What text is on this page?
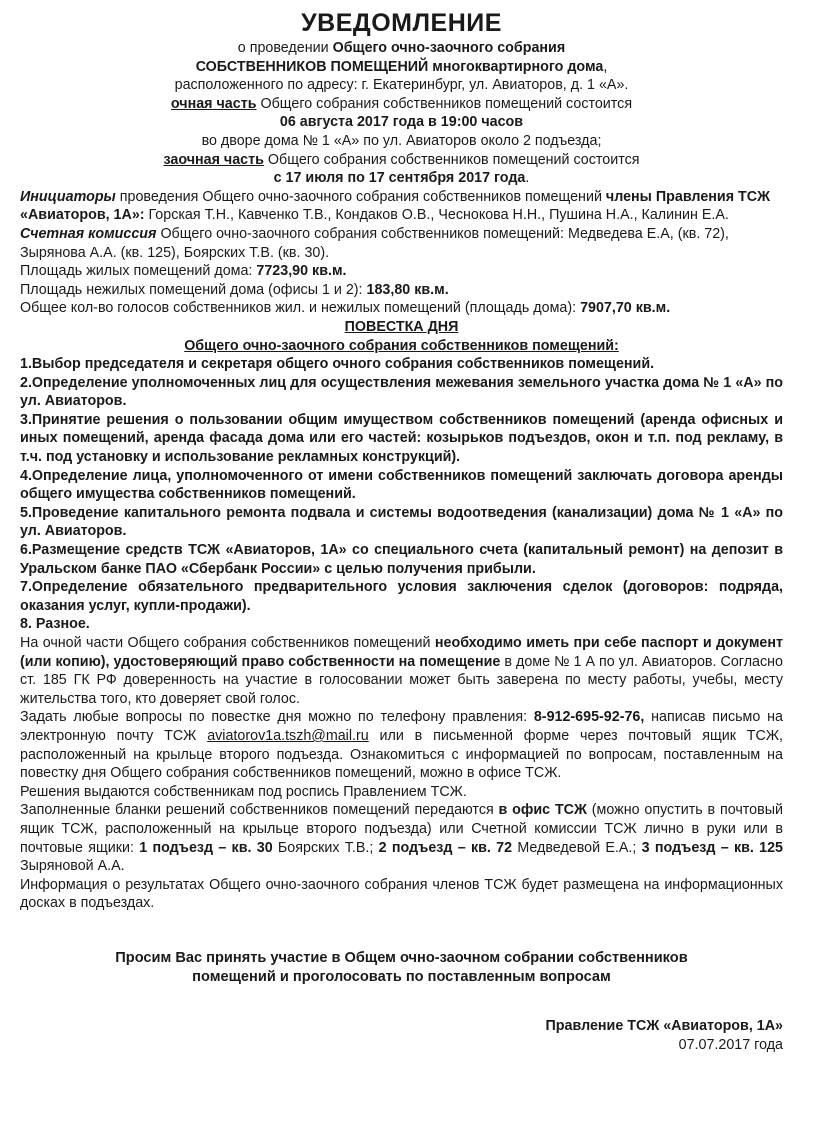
УВЕДОМЛЕНИЕ

о проведении Общего очно-заочного собрания

СОБСТВЕННИКОВ ПОМЕЩЕНИЙ многоквартирного дома,

расположенного по адресу: г. Екатеринбург, ул. Авиаторов, д. 1 «А».

очная часть Общего собрания собственников помещений состоится

06 августа 2017 года в 19:00 часов

во дворе дома № 1 «А» по ул. Авиаторов около 2 подъезда;

заочная часть Общего собрания собственников помещений состоится

с 17 июля по 17 сентября 2017 года.

Инициаторы проведения Общего очно-заочного собрания собственников помещений члены Правления ТСЖ «Авиаторов, 1А»: Горская Т.Н., Кавченко Т.В., Кондаков О.В., Чеснокова Н.Н., Пушина Н.А., Калинин Е.А.

Счетная комиссия Общего очно-заочного собрания собственников помещений: Медведева Е.А, (кв. 72), Зырянова А.А. (кв. 125), Боярских Т.В. (кв. 30).

Площадь жилых помещений дома: 7723,90 кв.м.

Площадь нежилых помещений дома (офисы 1 и 2): 183,80 кв.м.

Общее кол-во голосов собственников жил. и нежилых помещений (площадь дома): 7907,70 кв.м.

ПОВЕСТКА ДНЯ

Общего очно-заочного собрания собственников помещений:

1.Выбор председателя и секретаря общего очного собрания собственников помещений.

2.Определение уполномоченных лиц для осуществления межевания земельного участка дома № 1 «А» по ул. Авиаторов.

3.Принятие решения о пользовании общим имуществом собственников помещений (аренда офисных и иных помещений, аренда фасада дома или его частей: козырьков подъездов, окон и т.п. под рекламу, в т.ч. под установку и использование рекламных конструкций).

4.Определение лица, уполномоченного от имени собственников помещений заключать договора аренды общего имущества собственников помещений.

5.Проведение капитального ремонта подвала и системы водоотведения (канализации) дома № 1 «А» по ул. Авиаторов.

6.Размещение средств ТСЖ «Авиаторов, 1А» со специального счета (капитальный ремонт) на депозит в Уральском банке ПАО «Сбербанк России» с целью получения прибыли.

7.Определение обязательного предварительного условия заключения сделок (договоров: подряда, оказания услуг, купли-продажи).

8. Разное.

На очной части Общего собрания собственников помещений необходимо иметь при себе паспорт и документ (или копию), удостоверяющий право собственности на помещение в доме № 1 А по ул. Авиаторов. Согласно ст. 185 ГК РФ доверенность на участие в голосовании может быть заверена по месту работы, учебы, месту жительства того, кто доверяет свой голос.

Задать любые вопросы по повестке дня можно по телефону правления: 8-912-695-92-76, написав письмо на электронную почту ТСЖ aviatorov1a.tszh@mail.ru или в письменной форме через почтовый ящик ТСЖ, расположенный на крыльце второго подъезда. Ознакомиться с информацией по вопросам, поставленным на повестку дня Общего собрания собственников помещений, можно в офисе ТСЖ.

Решения выдаются собственникам под роспись Правлением ТСЖ.

Заполненные бланки решений собственников помещений передаются в офис ТСЖ (можно опустить в почтовый ящик ТСЖ, расположенный на крыльце второго подъезда) или Счетной комиссии ТСЖ лично в руки или в почтовые ящики: 1 подъезд – кв. 30 Боярских Т.В.; 2 подъезд – кв. 72 Медведевой Е.А.; 3 подъезд – кв. 125 Зыряновой А.А.

Информация о результатах Общего очно-заочного собрания членов ТСЖ будет размещена на информационных досках в подъездах.

Просим Вас принять участие в Общем очно-заочном собрании собственников

помещений и проголосовать по поставленным вопросам

Правление ТСЖ «Авиаторов, 1А»

07.07.2017 года
